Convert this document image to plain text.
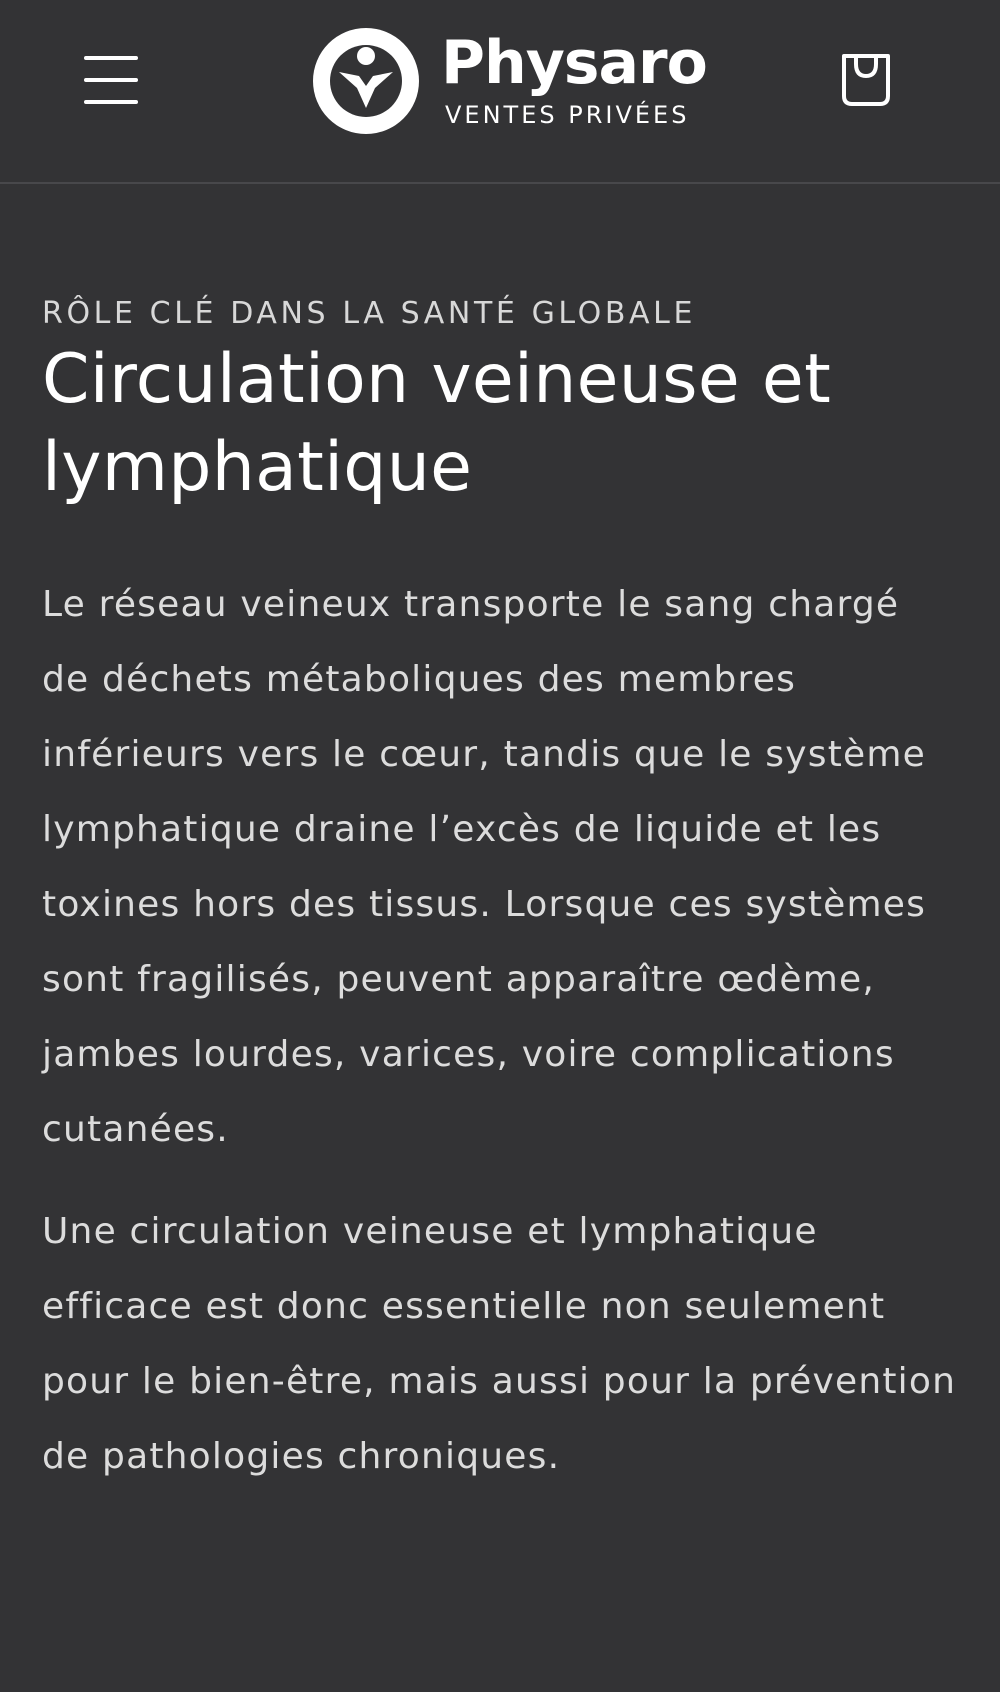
Physaro
VENTES PRIVÉES

RÔLE CLÉ DANS LA SANTÉ GLOBALE

Circulation veineuse et lymphatique

Le réseau veineux transporte le sang chargé de déchets métaboliques des membres inférieurs vers le cœur, tandis que le système lymphatique draine l’excès de liquide et les toxines hors des tissus. Lorsque ces systèmes sont fragilisés, peuvent apparaître œdème, jambes lourdes, varices, voire complications cutanées.

Une circulation veineuse et lymphatique efficace est donc essentielle non seulement pour le bien-être, mais aussi pour la prévention de pathologies chroniques.
